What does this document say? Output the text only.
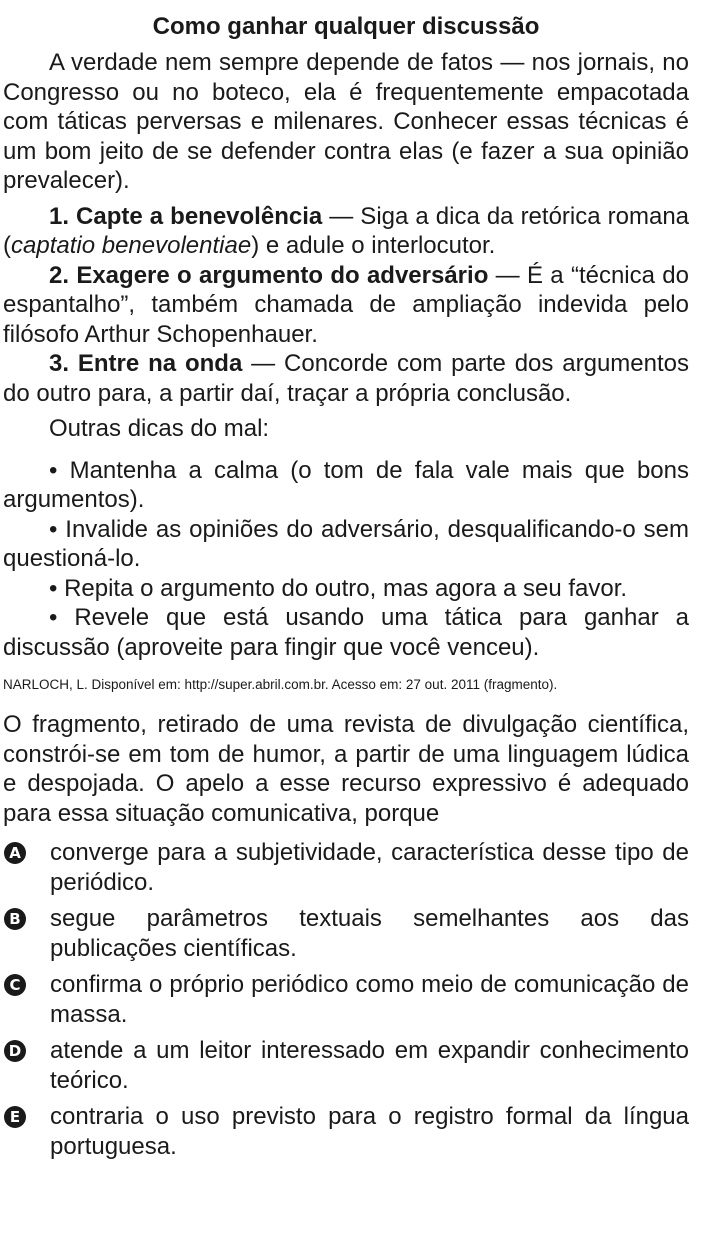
Como ganhar qualquer discussão

A verdade nem sempre depende de fatos — nos jornais, no Congresso ou no boteco, ela é frequentemente empacotada com táticas perversas e milenares. Conhecer essas técnicas é um bom jeito de se defender contra elas (e fazer a sua opinião prevalecer).

1. Capte a benevolência — Siga a dica da retórica romana (captatio benevolentiae) e adule o interlocutor.

2. Exagere o argumento do adversário — É a “técnica do espantalho”, também chamada de ampliação indevida pelo filósofo Arthur Schopenhauer.

3. Entre na onda — Concorde com parte dos argumentos do outro para, a partir daí, traçar a própria conclusão.

Outras dicas do mal:

• Mantenha a calma (o tom de fala vale mais que bons argumentos).

• Invalide as opiniões do adversário, desqualificando-o sem questioná-lo.

• Repita o argumento do outro, mas agora a seu favor.

• Revele que está usando uma tática para ganhar a discussão (aproveite para fingir que você venceu).

NARLOCH, L. Disponível em: http://super.abril.com.br. Acesso em: 27 out. 2011 (fragmento).

O fragmento, retirado de uma revista de divulgação científica, constrói-se em tom de humor, a partir de uma linguagem lúdica e despojada. O apelo a esse recurso expressivo é adequado para essa situação comunicativa, porque

A converge para a subjetividade, característica desse tipo de periódico.
B segue parâmetros textuais semelhantes aos das publicações científicas.
C confirma o próprio periódico como meio de comunicação de massa.
D atende a um leitor interessado em expandir conhecimento teórico.
E contraria o uso previsto para o registro formal da língua portuguesa.
